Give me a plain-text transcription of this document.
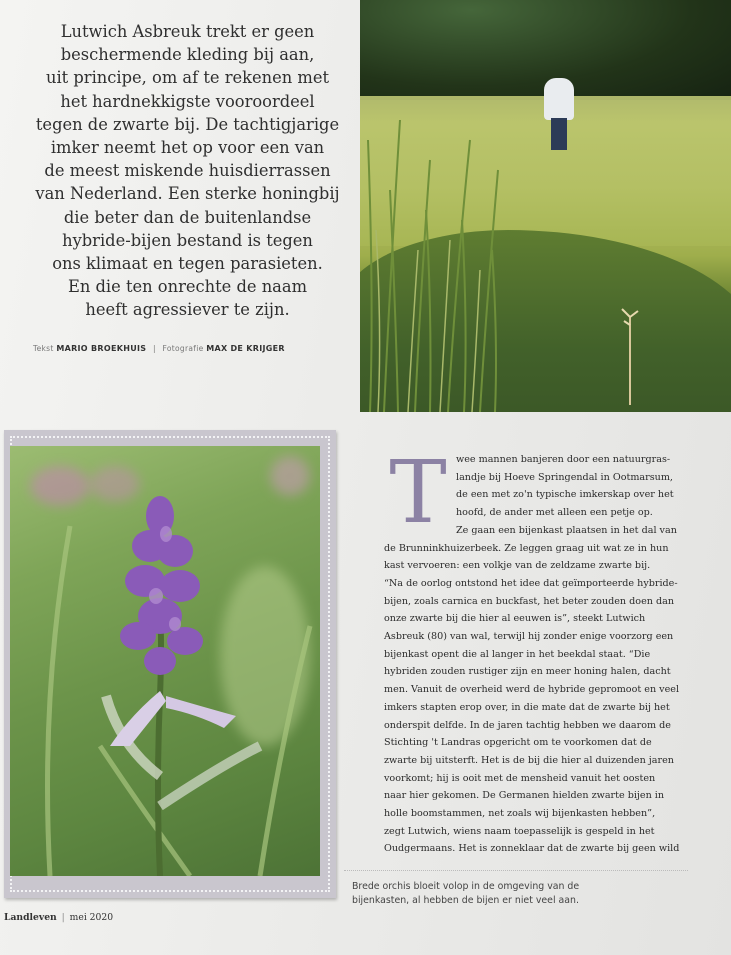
Lutwich Asbreuk trekt er geen

beschermende kleding bij aan,

uit principe, om af te rekenen met

het hardnekkigste vooroordeel

tegen de zwarte bij. De tachtigjarige

imker neemt het op voor een van

de meest miskende huisdierrassen

van Nederland. Een sterke honingbij

die beter dan de buitenlandse

hybride-bijen bestand is tegen

ons klimaat en tegen parasieten.

En die ten onrechte de naam

heeft agressiever te zijn.

Tekst MARIO BROEKHUIS | Fotografie MAX DE KRIJGER

Brede orchis bloeit volop in de omgeving van de

bijenkasten, al hebben de bijen er niet veel aan.

Landleven | mei 2020
T wee mannen banjeren door een natuurgras-

landje bij Hoeve Springendal in Ootmarsum,

de een met zo'n typische imkerskap over het

hoofd, de ander met alleen een petje op.

Ze gaan een bijenkast plaatsen in het dal van

de Brunninkhuizerbeek. Ze leggen graag uit wat ze in hun

kast vervoeren: een volkje van de zeldzame zwarte bij.

“Na de oorlog ontstond het idee dat geïmporteerde hybride-

bijen, zoals carnica en buckfast, het beter zouden doen dan

onze zwarte bij die hier al eeuwen is”, steekt Lutwich

Asbreuk (80) van wal, terwijl hij zonder enige voorzorg een

bijenkast opent die al langer in het beekdal staat. “Die

hybriden zouden rustiger zijn en meer honing halen, dacht

men. Vanuit de overheid werd de hybride gepromoot en veel

imkers stapten erop over, in die mate dat de zwarte bij het

onderspit delfde. In de jaren tachtig hebben we daarom de

Stichting 't Landras opgericht om te voorkomen dat de

zwarte bij uitsterft. Het is de bij die hier al duizenden jaren

voorkomt; hij is ooit met de mensheid vanuit het oosten

naar hier gekomen. De Germanen hielden zwarte bijen in

holle boomstammen, net zoals wij bijenkasten hebben”,

zegt Lutwich, wiens naam toepasselijk is gespeld in het

Oudgermaans. Het is zonneklaar dat de zwarte bij geen wild
